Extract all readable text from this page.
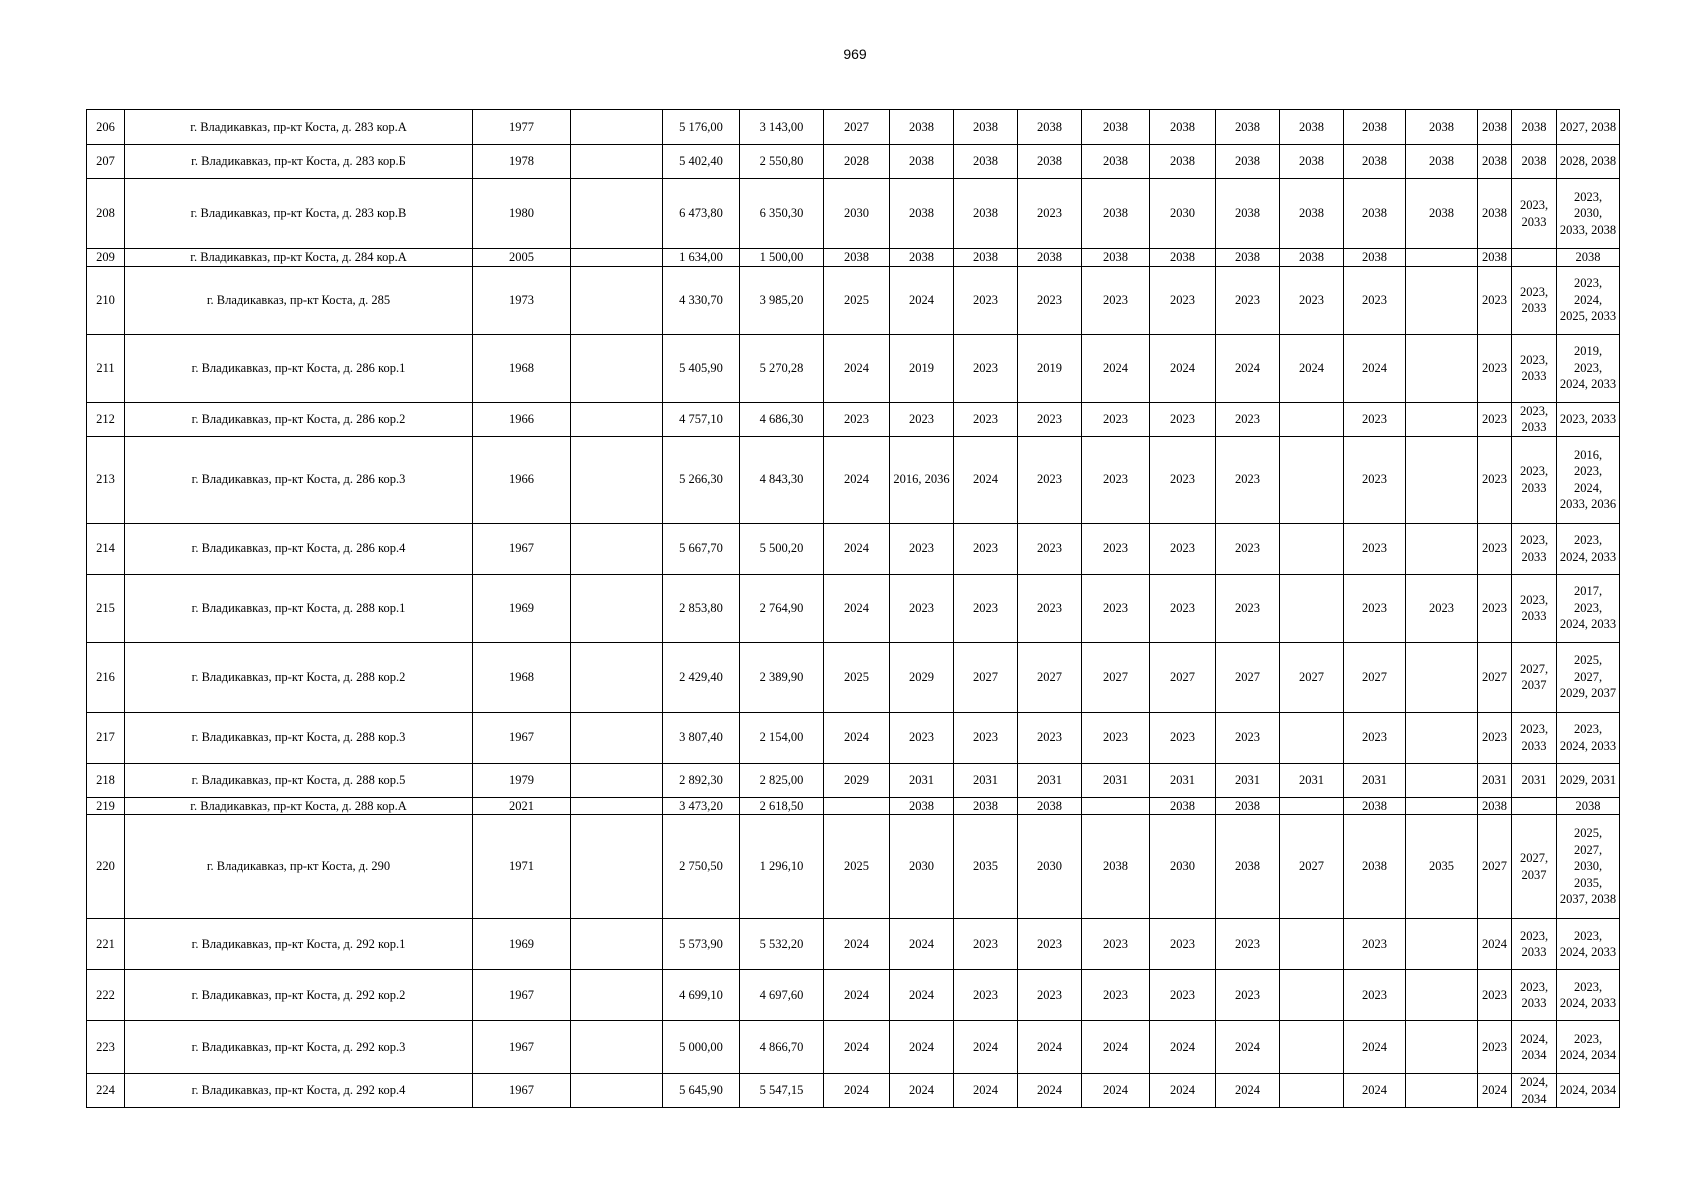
969
206	г. Владикавказ, пр-кт Коста, д. 283 кор.А	1977		5 176,00	3 143,00	2027	2038	2038	2038	2038	2038	2038	2038	2038	2038	2038	2038	2027, 2038
207	г. Владикавказ, пр-кт Коста, д. 283 кор.Б	1978		5 402,40	2 550,80	2028	2038	2038	2038	2038	2038	2038	2038	2038	2038	2038	2038	2028, 2038
208	г. Владикавказ, пр-кт Коста, д. 283 кор.В	1980		6 473,80	6 350,30	2030	2038	2038	2023	2038	2030	2038	2038	2038	2038	2038	2023, 2033	2023, 2030, 2033, 2038
209	г. Владикавказ, пр-кт Коста, д. 284 кор.А	2005		1 634,00	1 500,00	2038	2038	2038	2038	2038	2038	2038	2038	2038		2038		2038
210	г. Владикавказ, пр-кт Коста, д. 285	1973		4 330,70	3 985,20	2025	2024	2023	2023	2023	2023	2023	2023	2023		2023	2023, 2033	2023, 2024, 2025, 2033
211	г. Владикавказ, пр-кт Коста, д. 286 кор.1	1968		5 405,90	5 270,28	2024	2019	2023	2019	2024	2024	2024	2024	2024		2023	2023, 2033	2019, 2023, 2024, 2033
212	г. Владикавказ, пр-кт Коста, д. 286 кор.2	1966		4 757,10	4 686,30	2023	2023	2023	2023	2023	2023	2023		2023		2023	2023, 2033	2023, 2033
213	г. Владикавказ, пр-кт Коста, д. 286 кор.3	1966		5 266,30	4 843,30	2024	2016, 2036	2024	2023	2023	2023	2023		2023		2023	2023, 2033	2016, 2023, 2024, 2033, 2036
214	г. Владикавказ, пр-кт Коста, д. 286 кор.4	1967		5 667,70	5 500,20	2024	2023	2023	2023	2023	2023	2023		2023		2023	2023, 2033	2023, 2024, 2033
215	г. Владикавказ, пр-кт Коста, д. 288 кор.1	1969		2 853,80	2 764,90	2024	2023	2023	2023	2023	2023	2023		2023	2023	2023	2023, 2033	2017, 2023, 2024, 2033
216	г. Владикавказ, пр-кт Коста, д. 288 кор.2	1968		2 429,40	2 389,90	2025	2029	2027	2027	2027	2027	2027	2027	2027		2027	2027, 2037	2025, 2027, 2029, 2037
217	г. Владикавказ, пр-кт Коста, д. 288 кор.3	1967		3 807,40	2 154,00	2024	2023	2023	2023	2023	2023	2023		2023		2023	2023, 2033	2023, 2024, 2033
218	г. Владикавказ, пр-кт Коста, д. 288 кор.5	1979		2 892,30	2 825,00	2029	2031	2031	2031	2031	2031	2031	2031	2031		2031	2031	2029, 2031
219	г. Владикавказ, пр-кт Коста, д. 288 кор.А	2021		3 473,20	2 618,50		2038	2038	2038		2038	2038		2038		2038		2038
220	г. Владикавказ, пр-кт Коста, д. 290	1971		2 750,50	1 296,10	2025	2030	2035	2030	2038	2030	2038	2027	2038	2035	2027	2027, 2037	2025, 2027, 2030, 2035, 2037, 2038
221	г. Владикавказ, пр-кт Коста, д. 292 кор.1	1969		5 573,90	5 532,20	2024	2024	2023	2023	2023	2023	2023		2023		2024	2023, 2033	2023, 2024, 2033
222	г. Владикавказ, пр-кт Коста, д. 292 кор.2	1967		4 699,10	4 697,60	2024	2024	2023	2023	2023	2023	2023		2023		2023	2023, 2033	2023, 2024, 2033
223	г. Владикавказ, пр-кт Коста, д. 292 кор.3	1967		5 000,00	4 866,70	2024	2024	2024	2024	2024	2024	2024		2024		2023	2024, 2034	2023, 2024, 2034
224	г. Владикавказ, пр-кт Коста, д. 292 кор.4	1967		5 645,90	5 547,15	2024	2024	2024	2024	2024	2024	2024		2024		2024	2024, 2034	2024, 2034
